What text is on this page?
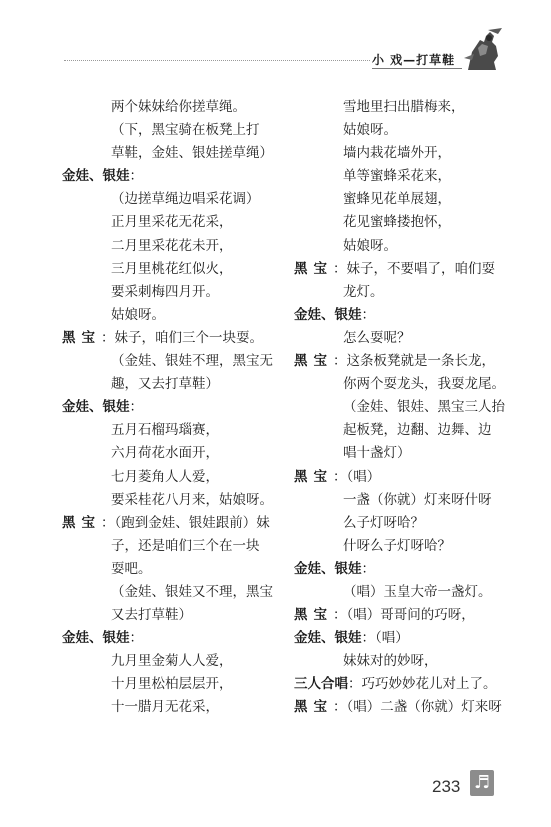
小 戏—打草鞋
两个妹妹给你搓草绳。
（下，黑宝骑在板凳上打
草鞋，金娃、银娃搓草绳）
金娃、银娃：
（边搓草绳边唱采花调）
正月里采花无花采，
二月里采花花未开，
三月里桃花红似火，
要采刺梅四月开。
姑娘呀。
黑宝：妹子，咱们三个一块耍。
（金娃、银娃不理，黑宝无
趣，又去打草鞋）
金娃、银娃：
五月石榴玛瑙赛，
六月荷花水面开，
七月菱角人人爱，
要采桂花八月来，姑娘呀。
黑宝：（跑到金娃、银娃跟前）妹
子，还是咱们三个在一块
耍吧。
（金娃、银娃又不理，黑宝
又去打草鞋）
金娃、银娃：
九月里金菊人人爱，
十月里松柏层层开，
十一腊月无花采，
雪地里扫出腊梅来，
姑娘呀。
墙内栽花墙外开，
单等蜜蜂采花来，
蜜蜂见花单展翅，
花见蜜蜂搂抱怀，
姑娘呀。
黑宝：妹子，不要唱了，咱们耍
龙灯。
金娃、银娃：
怎么耍呢？
黑宝：这条板凳就是一条长龙，
你两个耍龙头，我耍龙尾。
（金娃、银娃、黑宝三人抬
起板凳，边翻、边舞、边
唱十盏灯）
黑宝：（唱）
一盏（你就）灯来呀什呀
么子灯呀哈？
什呀么子灯呀哈？
金娃、银娃：
（唱）玉皇大帝一盏灯。
黑宝：（唱）哥哥问的巧呀，
金娃、银娃：（唱）
妹妹对的妙呀，
三人合唱：巧巧妙妙花儿对上了。
黑宝：（唱）二盏（你就）灯来呀
233 ♬
